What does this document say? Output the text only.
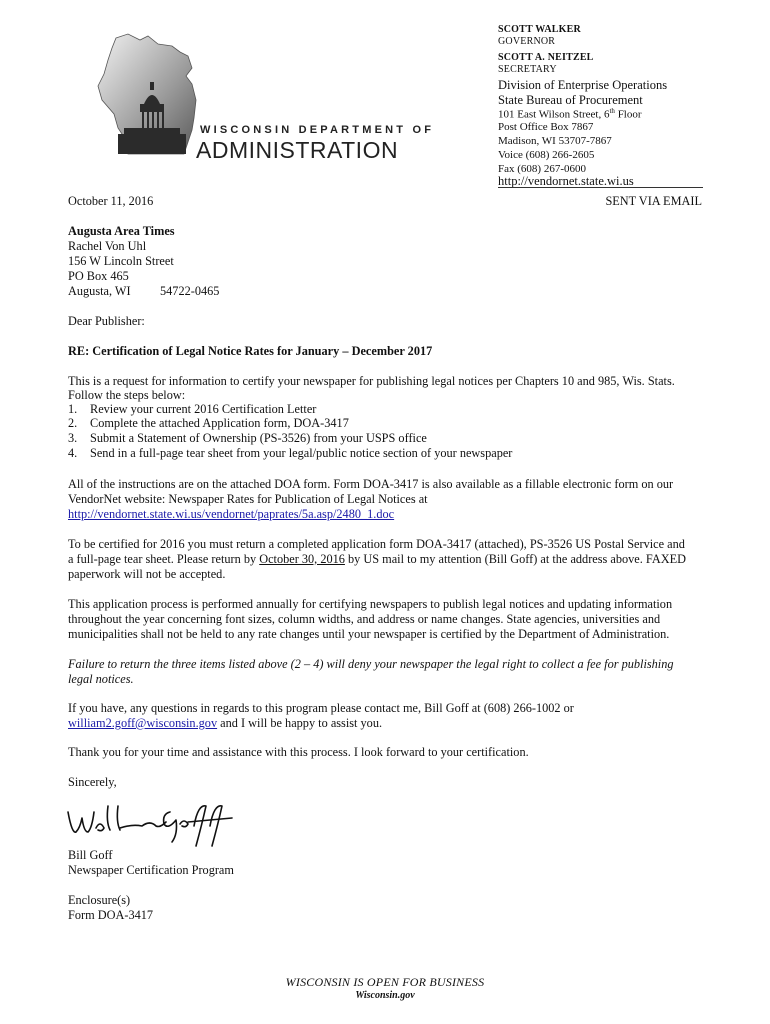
WISCONSIN DEPARTMENT OF
ADMINISTRATION
SCOTT WALKER
GOVERNOR
SCOTT A. NEITZEL
SECRETARY
Division of Enterprise Operations
State Bureau of Procurement
101 East Wilson Street, 6th Floor
Post Office Box 7867
Madison, WI 53707-7867
Voice (608) 266-2605
Fax (608) 267-0600
http://vendornet.state.wi.us
October 11, 2016	SENT VIA EMAIL
Augusta Area Times
Rachel Von Uhl
156 W Lincoln Street
PO Box 465
Augusta, WI 54722-0465
Dear Publisher:
RE: Certification of Legal Notice Rates for January – December 2017
This is a request for information to certify your newspaper for publishing legal notices per Chapters 10 and 985, Wis. Stats.
Follow the steps below:
1. Review your current 2016 Certification Letter
2. Complete the attached Application form, DOA-3417
3. Submit a Statement of Ownership (PS-3526) from your USPS office
4. Send in a full-page tear sheet from your legal/public notice section of your newspaper
All of the instructions are on the attached DOA form. Form DOA-3417 is also available as a fillable electronic form on our
VendorNet website: Newspaper Rates for Publication of Legal Notices at
http://vendornet.state.wi.us/vendornet/paprates/5a.asp/2480_1.doc
To be certified for 2016 you must return a completed application form DOA-3417 (attached), PS-3526 US Postal Service and
a full-page tear sheet. Please return by October 30, 2016 by US mail to my attention (Bill Goff) at the address above. FAXED
paperwork will not be accepted.
This application process is performed annually for certifying newspapers to publish legal notices and updating information
throughout the year concerning font sizes, column widths, and address or name changes. State agencies, universities and
municipalities shall not be held to any rate changes until your newspaper is certified by the Department of Administration.
Failure to return the three items listed above (2 – 4) will deny your newspaper the legal right to collect a fee for publishing
legal notices.
If you have, any questions in regards to this program please contact me, Bill Goff at (608) 266-1002 or
william2.goff@wisconsin.gov and I will be happy to assist you.
Thank you for your time and assistance with this process. I look forward to your certification.
Sincerely,
Bill Goff
Newspaper Certification Program
Enclosure(s)
Form DOA-3417
WISCONSIN IS OPEN FOR BUSINESS
Wisconsin.gov
